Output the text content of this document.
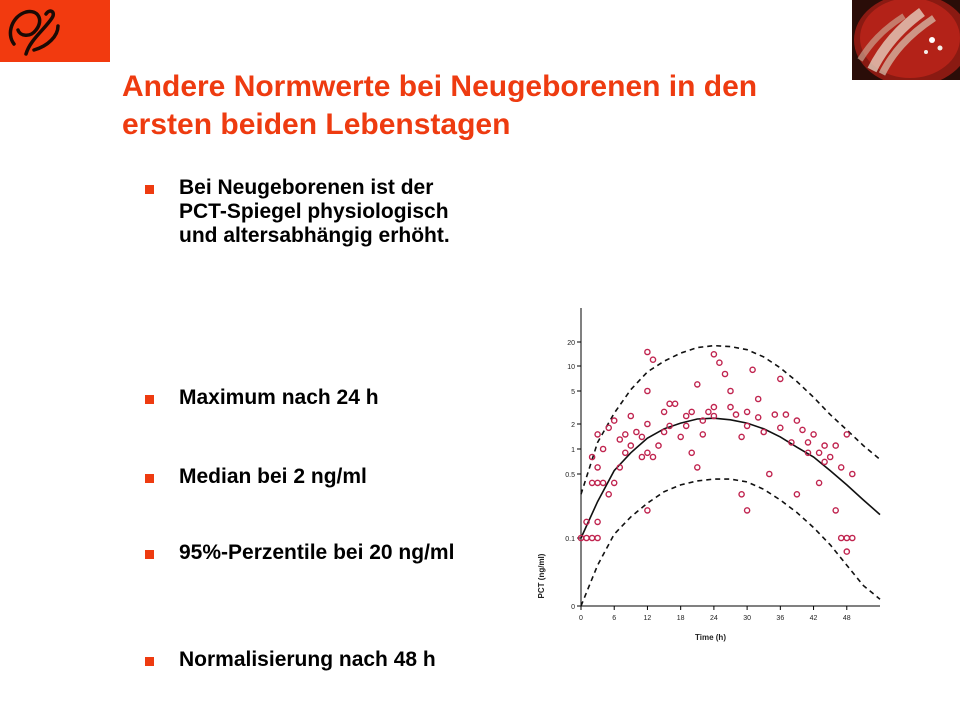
Andere Normwerte bei Neugeborenen in den ersten beiden Lebenstagen
Bei Neugeborenen ist der PCT-Spiegel physiologisch und altersabhängig erhöht.
Maximum nach 24 h
Median bei 2 ng/ml
95%-Perzentile bei 20 ng/ml
Normalisierung nach 48 h
0
0.1
0.5
1
2
5
10
20
0	6	12	18	24	30	36	42	48
Time (h)
PCT (ng/ml)
